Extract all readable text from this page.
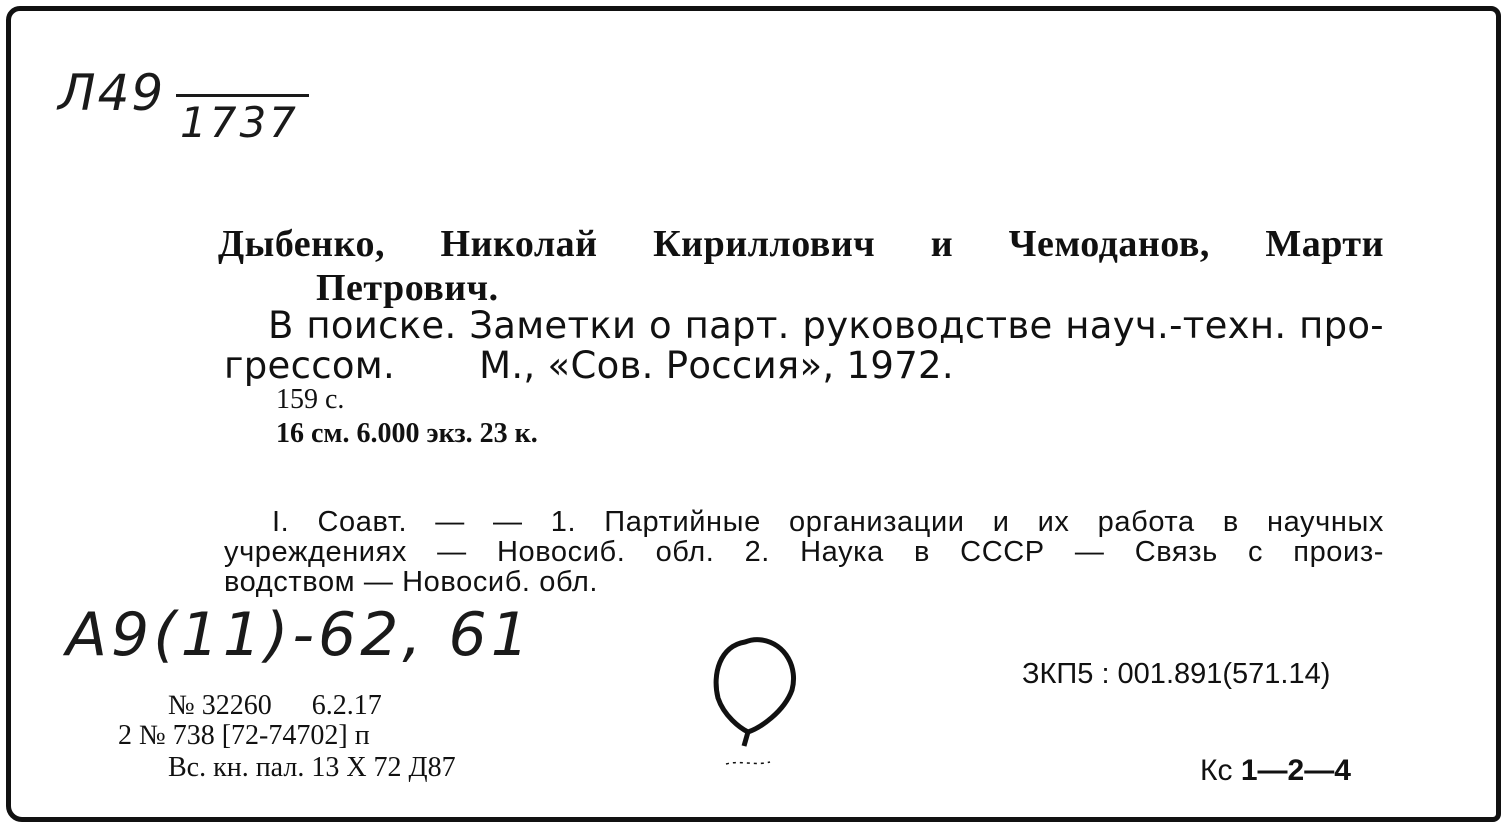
Л49
1737
Дыбенко, Николай Кириллович и Чемоданов, Марти
Петрович.
В поиске. Заметки о парт. руководстве науч.-техн. про-
грессом. М., «Сов. Россия», 1972.
159 с.
16 см. 6.000 экз. 23 к.
I. Соавт. — — 1. Партийные организации и их работа в научных
учреждениях — Новосиб. обл. 2. Наука в СССР — Связь с произ-
водством — Новосиб. обл.
А9(11)-62, 61
ЗКП5 : 001.891(571.14)
№ 32260 6.2.17
2 № 738 [72-74702] п
Вс. кн. пал. 13 X 72 Д87	Кс 1—2—4
